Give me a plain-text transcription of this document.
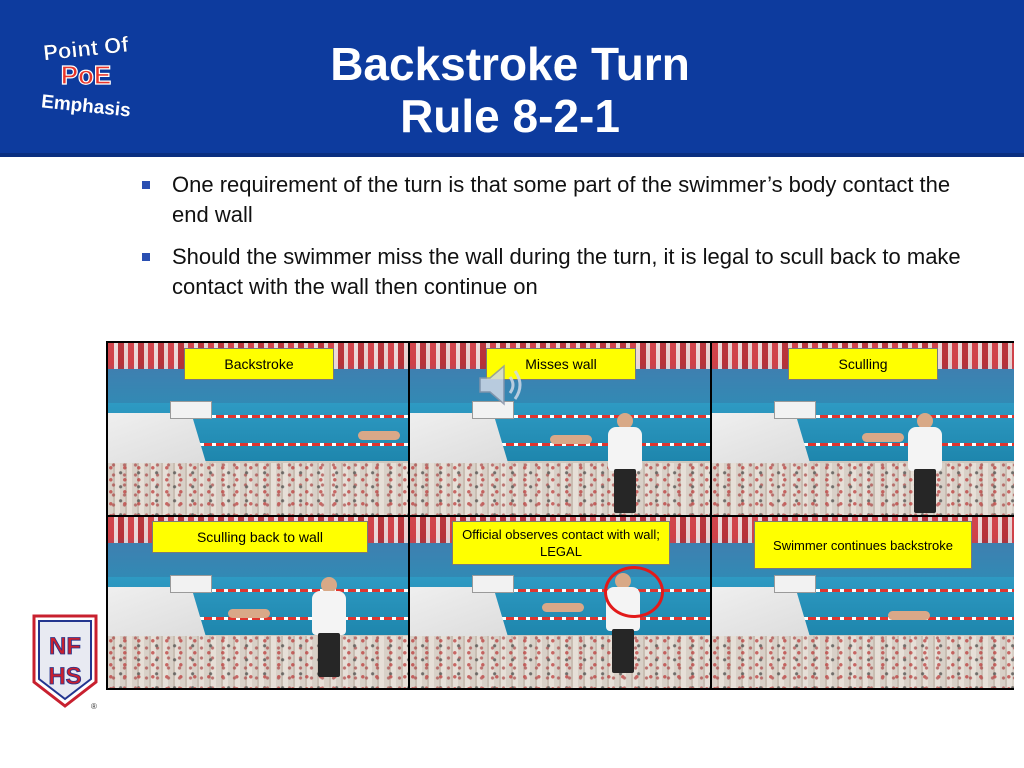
Point Of
PoE
Emphasis
Backstroke Turn
Rule 8-2-1
One requirement of the turn is that some part of the swimmer’s body contact the end wall
Should the swimmer miss the wall during the turn, it is legal to scull back to make contact with the wall then continue on
Backstroke	Misses wall	Sculling
Sculling back to wall	Official observes contact with wall; LEGAL	Swimmer continues backstroke
NF
HS
®
